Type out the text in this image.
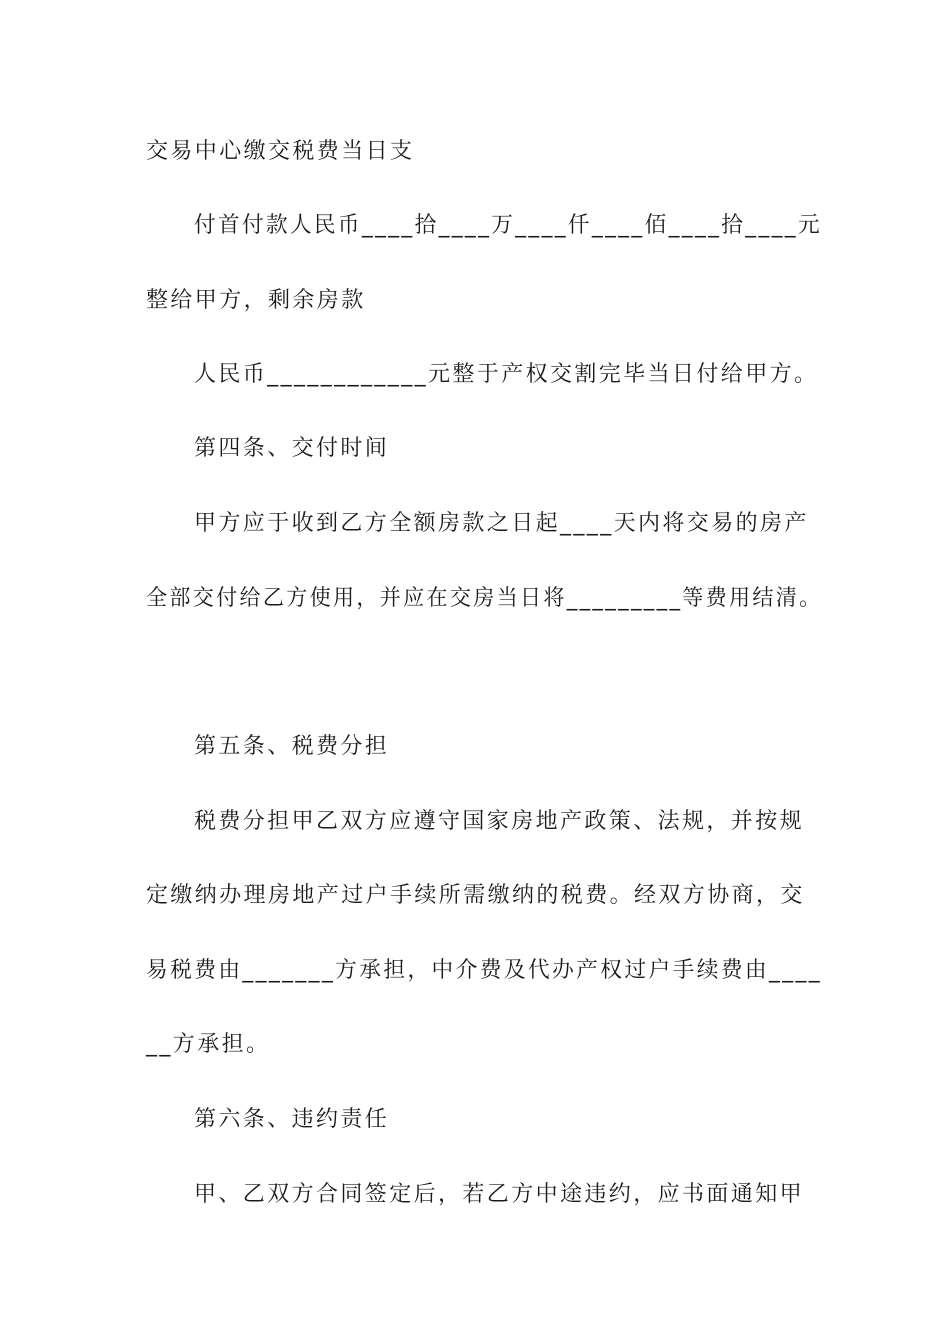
交易中心缴交税费当日支
付首付款人民币____拾____万____仟____佰____拾____元
整给甲方，剩余房款
人民币____________元整于产权交割完毕当日付给甲方。
第四条、交付时间
甲方应于收到乙方全额房款之日起____天内将交易的房产
全部交付给乙方使用，并应在交房当日将_________等费用结清。
第五条、税费分担
税费分担甲乙双方应遵守国家房地产政策、法规，并按规
定缴纳办理房地产过户手续所需缴纳的税费。经双方协商，交
易税费由_______方承担，中介费及代办产权过户手续费由____
__方承担。
第六条、违约责任
甲、乙双方合同签定后，若乙方中途违约，应书面通知甲
